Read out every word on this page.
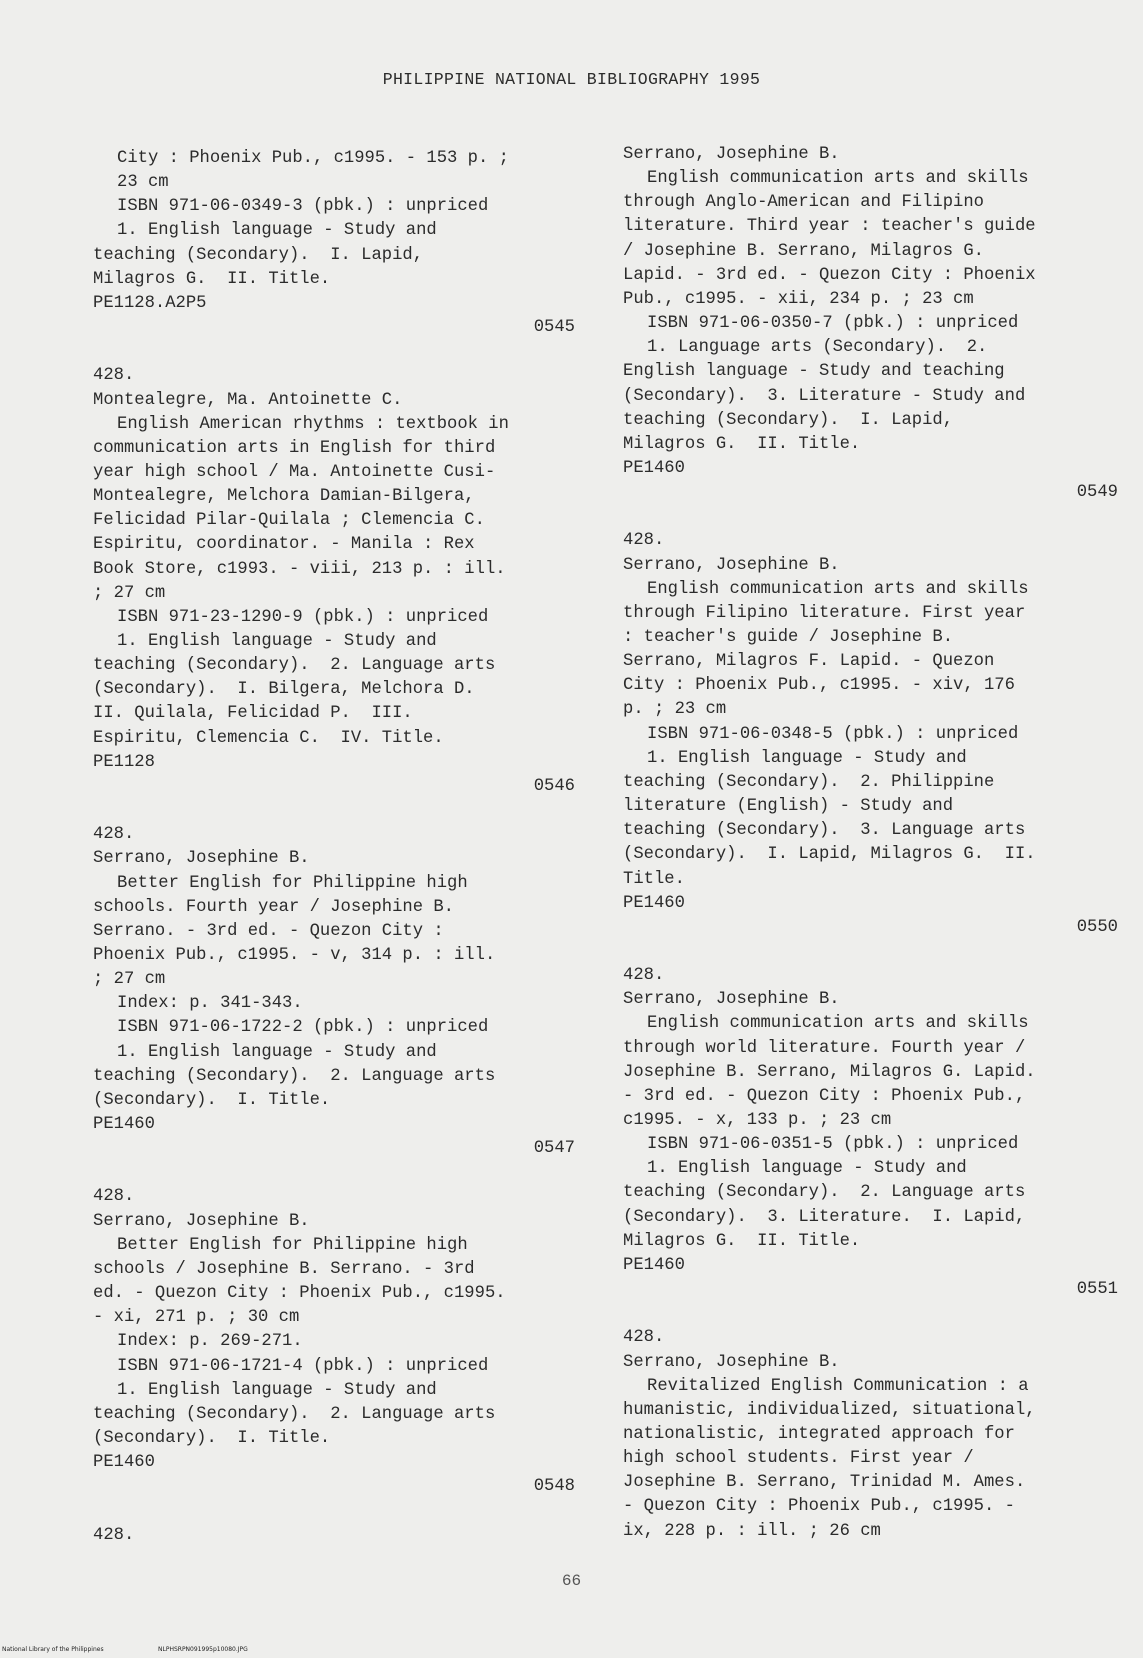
PHILIPPINE NATIONAL BIBLIOGRAPHY 1995
City : Phoenix Pub., c1995. - 153 p. ;
23 cm
ISBN 971-06-0349-3 (pbk.) : unpriced
1. English language - Study and
teaching (Secondary).  I. Lapid,
Milagros G.  II. Title.
PE1128.A2P5
0545
428.
Montealegre, Ma. Antoinette C.
English American rhythms : textbook in
communication arts in English for third
year high school / Ma. Antoinette Cusi-
Montealegre, Melchora Damian-Bilgera,
Felicidad Pilar-Quilala ; Clemencia C.
Espiritu, coordinator. - Manila : Rex
Book Store, c1993. - viii, 213 p. : ill.
; 27 cm
ISBN 971-23-1290-9 (pbk.) : unpriced
1. English language - Study and
teaching (Secondary).  2. Language arts
(Secondary).  I. Bilgera, Melchora D.
II. Quilala, Felicidad P.  III.
Espiritu, Clemencia C.  IV. Title.
PE1128
0546
428.
Serrano, Josephine B.
Better English for Philippine high
schools. Fourth year / Josephine B.
Serrano. - 3rd ed. - Quezon City :
Phoenix Pub., c1995. - v, 314 p. : ill.
; 27 cm
Index: p. 341-343.
ISBN 971-06-1722-2 (pbk.) : unpriced
1. English language - Study and
teaching (Secondary).  2. Language arts
(Secondary).  I. Title.
PE1460
0547
428.
Serrano, Josephine B.
Better English for Philippine high
schools / Josephine B. Serrano. - 3rd
ed. - Quezon City : Phoenix Pub., c1995.
- xi, 271 p. ; 30 cm
Index: p. 269-271.
ISBN 971-06-1721-4 (pbk.) : unpriced
1. English language - Study and
teaching (Secondary).  2. Language arts
(Secondary).  I. Title.
PE1460
0548
428.
Serrano, Josephine B.
English communication arts and skills
through Anglo-American and Filipino
literature. Third year : teacher's guide
/ Josephine B. Serrano, Milagros G.
Lapid. - 3rd ed. - Quezon City : Phoenix
Pub., c1995. - xii, 234 p. ; 23 cm
ISBN 971-06-0350-7 (pbk.) : unpriced
1. Language arts (Secondary).  2.
English language - Study and teaching
(Secondary).  3. Literature - Study and
teaching (Secondary).  I. Lapid,
Milagros G.  II. Title.
PE1460
0549
428.
Serrano, Josephine B.
English communication arts and skills
through Filipino literature. First year
: teacher's guide / Josephine B.
Serrano, Milagros F. Lapid. - Quezon
City : Phoenix Pub., c1995. - xiv, 176
p. ; 23 cm
ISBN 971-06-0348-5 (pbk.) : unpriced
1. English language - Study and
teaching (Secondary).  2. Philippine
literature (English) - Study and
teaching (Secondary).  3. Language arts
(Secondary).  I. Lapid, Milagros G.  II.
Title.
PE1460
0550
428.
Serrano, Josephine B.
English communication arts and skills
through world literature. Fourth year /
Josephine B. Serrano, Milagros G. Lapid.
- 3rd ed. - Quezon City : Phoenix Pub.,
c1995. - x, 133 p. ; 23 cm
ISBN 971-06-0351-5 (pbk.) : unpriced
1. English language - Study and
teaching (Secondary).  2. Language arts
(Secondary).  3. Literature.  I. Lapid,
Milagros G.  II. Title.
PE1460
0551
428.
Serrano, Josephine B.
Revitalized English Communication : a
humanistic, individualized, situational,
nationalistic, integrated approach for
high school students. First year /
Josephine B. Serrano, Trinidad M. Ames.
- Quezon City : Phoenix Pub., c1995. -
ix, 228 p. : ill. ; 26 cm
66
National Library of the Philippines	NLPHSRPN091995p10080.JPG
